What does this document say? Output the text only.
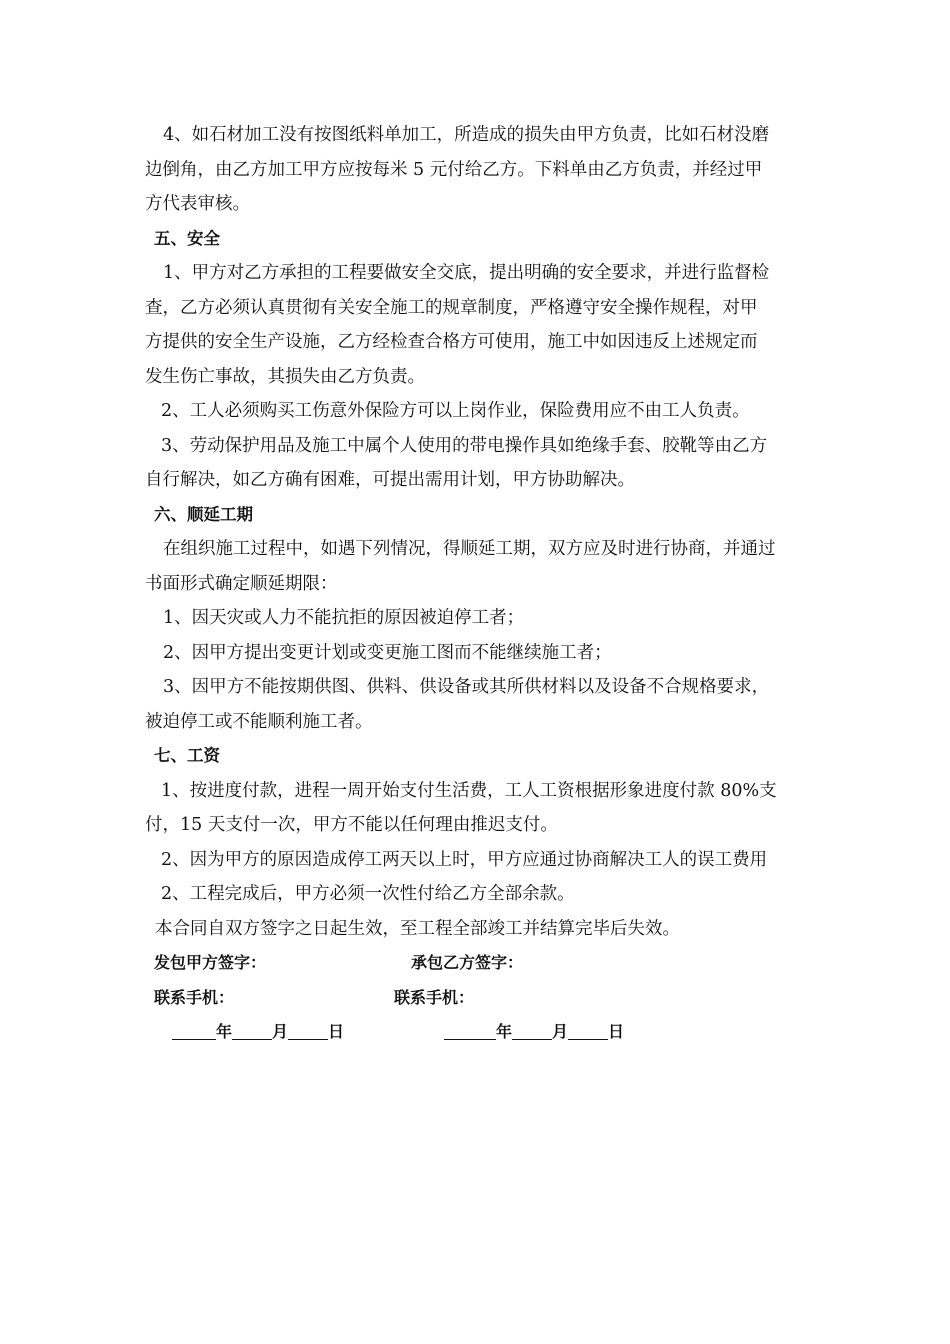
4、如石材加工没有按图纸料单加工，所造成的损失由甲方负责，比如石材没磨

边倒角，由乙方加工甲方应按每米 5 元付给乙方。下料单由乙方负责，并经过甲

方代表审核。

五、安全

1、甲方对乙方承担的工程要做安全交底，提出明确的安全要求，并进行监督检

查，乙方必须认真贯彻有关安全施工的规章制度，严格遵守安全操作规程，对甲

方提供的安全生产设施，乙方经检查合格方可使用，施工中如因违反上述规定而

发生伤亡事故，其损失由乙方负责。

2、工人必须购买工伤意外保险方可以上岗作业，保险费用应不由工人负责。

3、劳动保护用品及施工中属个人使用的带电操作具如绝缘手套、胶靴等由乙方

自行解决，如乙方确有困难，可提出需用计划，甲方协助解决。

六、顺延工期

在组织施工过程中，如遇下列情况，得顺延工期，双方应及时进行协商，并通过

书面形式确定顺延期限：

1、因天灾或人力不能抗拒的原因被迫停工者；

2、因甲方提出变更计划或变更施工图而不能继续施工者；

3、因甲方不能按期供图、供料、供设备或其所供材料以及设备不合规格要求，

被迫停工或不能顺利施工者。

七、工资

1、按进度付款，进程一周开始支付生活费，工人工资根据形象进度付款 80%支

付，15 天支付一次，甲方不能以任何理由推迟支付。

2、因为甲方的原因造成停工两天以上时，甲方应通过协商解决工人的误工费用

2、工程完成后，甲方必须一次性付给乙方全部余款。

本合同自双方签字之日起生效，至工程全部竣工并结算完毕后失效。

发包甲方签字：	承包乙方签字：
联系手机：	联系手机：
年	月	日	年	月	日
